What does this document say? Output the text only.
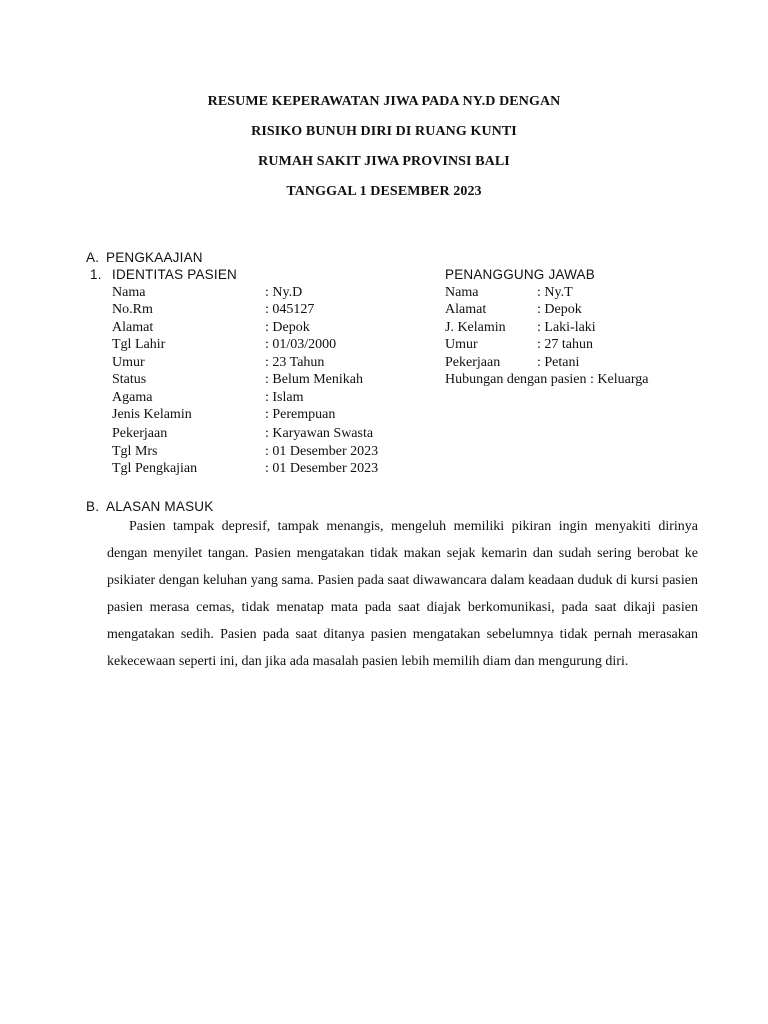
RESUME KEPERAWATAN JIWA PADA NY.D DENGAN
RISIKO BUNUH DIRI DI RUANG KUNTI
RUMAH SAKIT JIWA PROVINSI BALI
TANGGAL 1 DESEMBER 2023
A. PENGKAAJIAN
1. IDENTITAS PASIEN	PENANGGUNG JAWAB
Nama	: Ny.D
No.Rm	: 045127
Alamat	: Depok
Tgl Lahir	: 01/03/2000
Umur	: 23 Tahun
Status	: Belum Menikah
Agama	: Islam
Jenis Kelamin	: Perempuan
Pekerjaan	: Karyawan Swasta
Tgl Mrs	: 01 Desember 2023
Tgl Pengkajian	: 01 Desember 2023
Nama	: Ny.T
Alamat	: Depok
J. Kelamin : Laki-laki
Umur	: 27 tahun
Pekerjaan	: Petani
Hubungan dengan pasien : Keluarga
B. ALASAN MASUK
Pasien tampak depresif, tampak menangis, mengeluh memiliki pikiran ingin menyakiti dirinya dengan menyilet tangan. Pasien mengatakan tidak makan sejak kemarin dan sudah sering berobat ke psikiater dengan keluhan yang sama. Pasien pada saat diwawancara dalam keadaan duduk di kursi pasien pasien merasa cemas, tidak menatap mata pada saat diajak berkomunikasi, pada saat dikaji pasien mengatakan sedih. Pasien pada saat ditanya pasien mengatakan sebelumnya tidak pernah merasakan kekecewaan seperti ini, dan jika ada masalah pasien lebih memilih diam dan mengurung diri.
